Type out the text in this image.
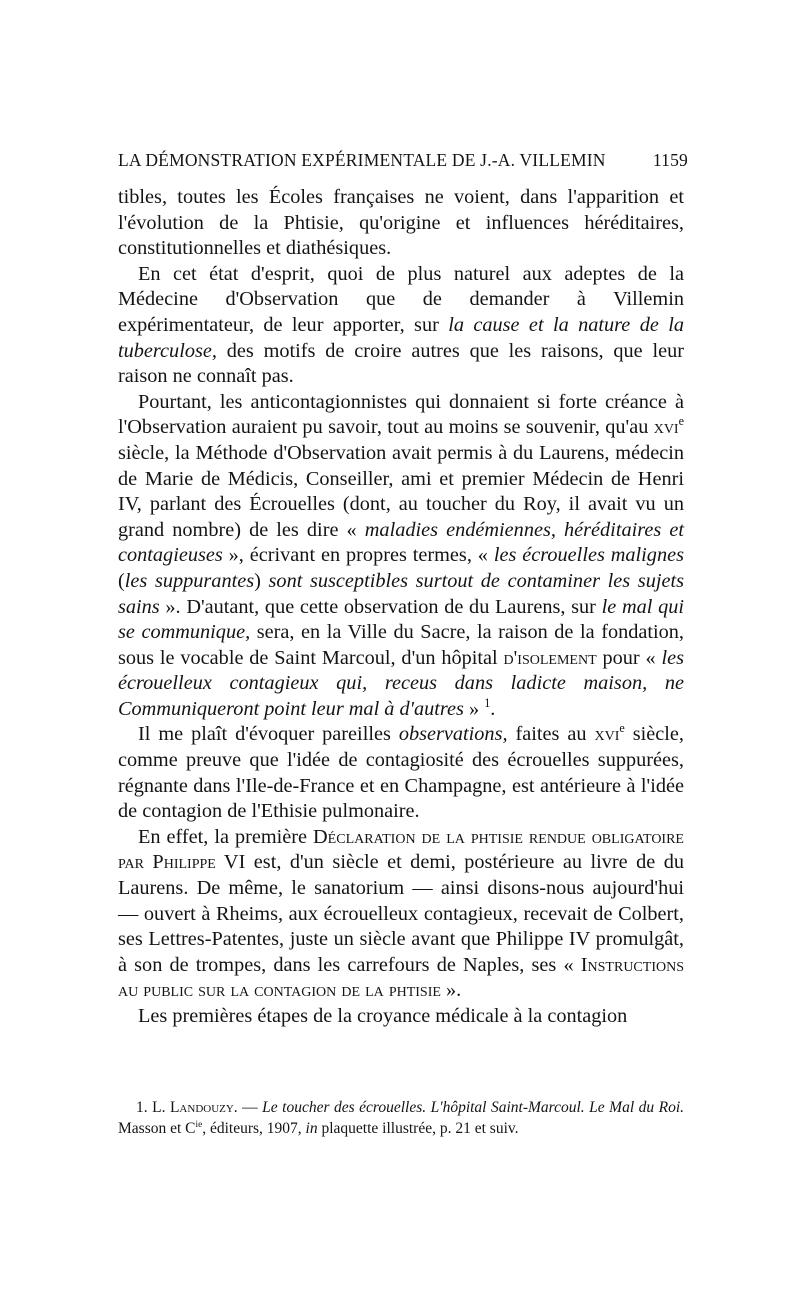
LA DÉMONSTRATION EXPÉRIMENTALE DE J.-A. VILLEMIN	1159

tibles, toutes les Écoles françaises ne voient, dans l'apparition et l'évolution de la Phtisie, qu'origine et influences héréditaires, constitutionnelles et diathésiques.

En cet état d'esprit, quoi de plus naturel aux adeptes de la Médecine d'Observation que de demander à Villemin expérimentateur, de leur apporter, sur la cause et la nature de la tuberculose, des motifs de croire autres que les raisons, que leur raison ne connaît pas.

Pourtant, les anticontagionnistes qui donnaient si forte créance à l'Observation auraient pu savoir, tout au moins se souvenir, qu'au xvi$^e$ siècle, la Méthode d'Observation avait permis à du Laurens, médecin de Marie de Médicis, Conseiller, ami et premier Médecin de Henri IV, parlant des Écrouelles (dont, au toucher du Roy, il avait vu un grand nombre) de les dire « maladies endémiennes, héréditaires et contagieuses », écrivant en propres termes, « les écrouelles malignes (les suppurantes) sont susceptibles surtout de contaminer les sujets sains ». D'autant, que cette observation de du Laurens, sur le mal qui se communique, sera, en la Ville du Sacre, la raison de la fondation, sous le vocable de Saint Marcoul, d'un hôpital d'isolement pour « les écrouelleux contagieux qui, receus dans ladicte maison, ne Communiqueront point leur mal à d'autres » $^1$.

Il me plaît d'évoquer pareilles observations, faites au xvi$^e$ siècle, comme preuve que l'idée de contagiosité des écrouelles suppurées, régnante dans l'Ile-de-France et en Champagne, est antérieure à l'idée de contagion de l'Ethisie pulmonaire.

En effet, la première Déclaration de la phtisie rendue obligatoire par Philippe VI est, d'un siècle et demi, postérieure au livre de du Laurens. De même, le sanatorium — ainsi disons-nous aujourd'hui — ouvert à Rheims, aux écrouelleux contagieux, recevait de Colbert, ses Lettres-Patentes, juste un siècle avant que Philippe IV promulgât, à son de trompes, dans les carrefours de Naples, ses « Instructions au public sur la contagion de la phtisie ».

Les premières étapes de la croyance médicale à la contagion

1. L. Landouzy. — Le toucher des écrouelles. L'hôpital Saint-Marcoul. Le Mal du Roi. Masson et $C^{ie}$, éditeurs, 1907, in plaquette illustrée, p. 21 et suiv.
